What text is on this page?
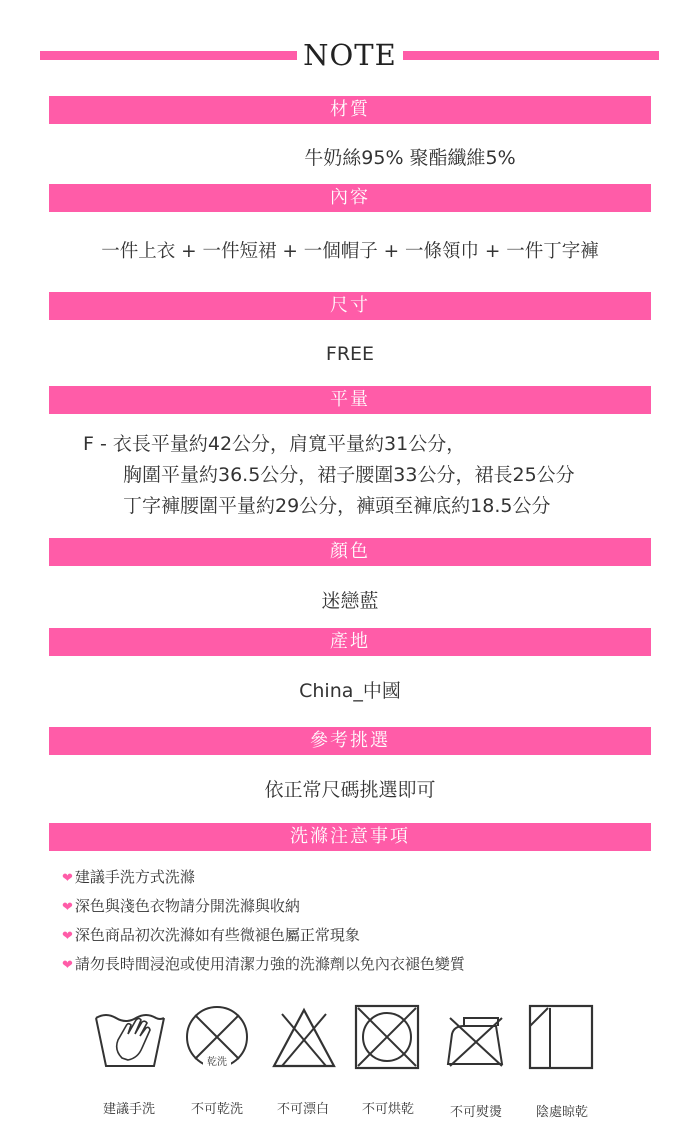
NOTE
材質
牛奶絲95% 聚酯纖維5%
內容
一件上衣 + 一件短裙 + 一個帽子 + 一條領巾 + 一件丁字褲
尺寸
FREE
平量
F - 衣長平量約42公分，肩寬平量約31公分，
胸圍平量約36.5公分，裙子腰圍33公分，裙長25公分
丁字褲腰圍平量約29公分，褲頭至褲底約18.5公分
顏色
迷戀藍
產地
China_中國
參考挑選
依正常尺碼挑選即可
洗滌注意事項
❤ 建議手洗方式洗滌
❤ 深色與淺色衣物請分開洗滌與收納
❤ 深色商品初次洗滌如有些微褪色屬正常現象
❤ 請勿長時間浸泡或使用清潔力強的洗滌劑以免內衣褪色變質
乾洗
建議手洗	不可乾洗	不可漂白	不可烘乾	不可熨燙	陰處晾乾
